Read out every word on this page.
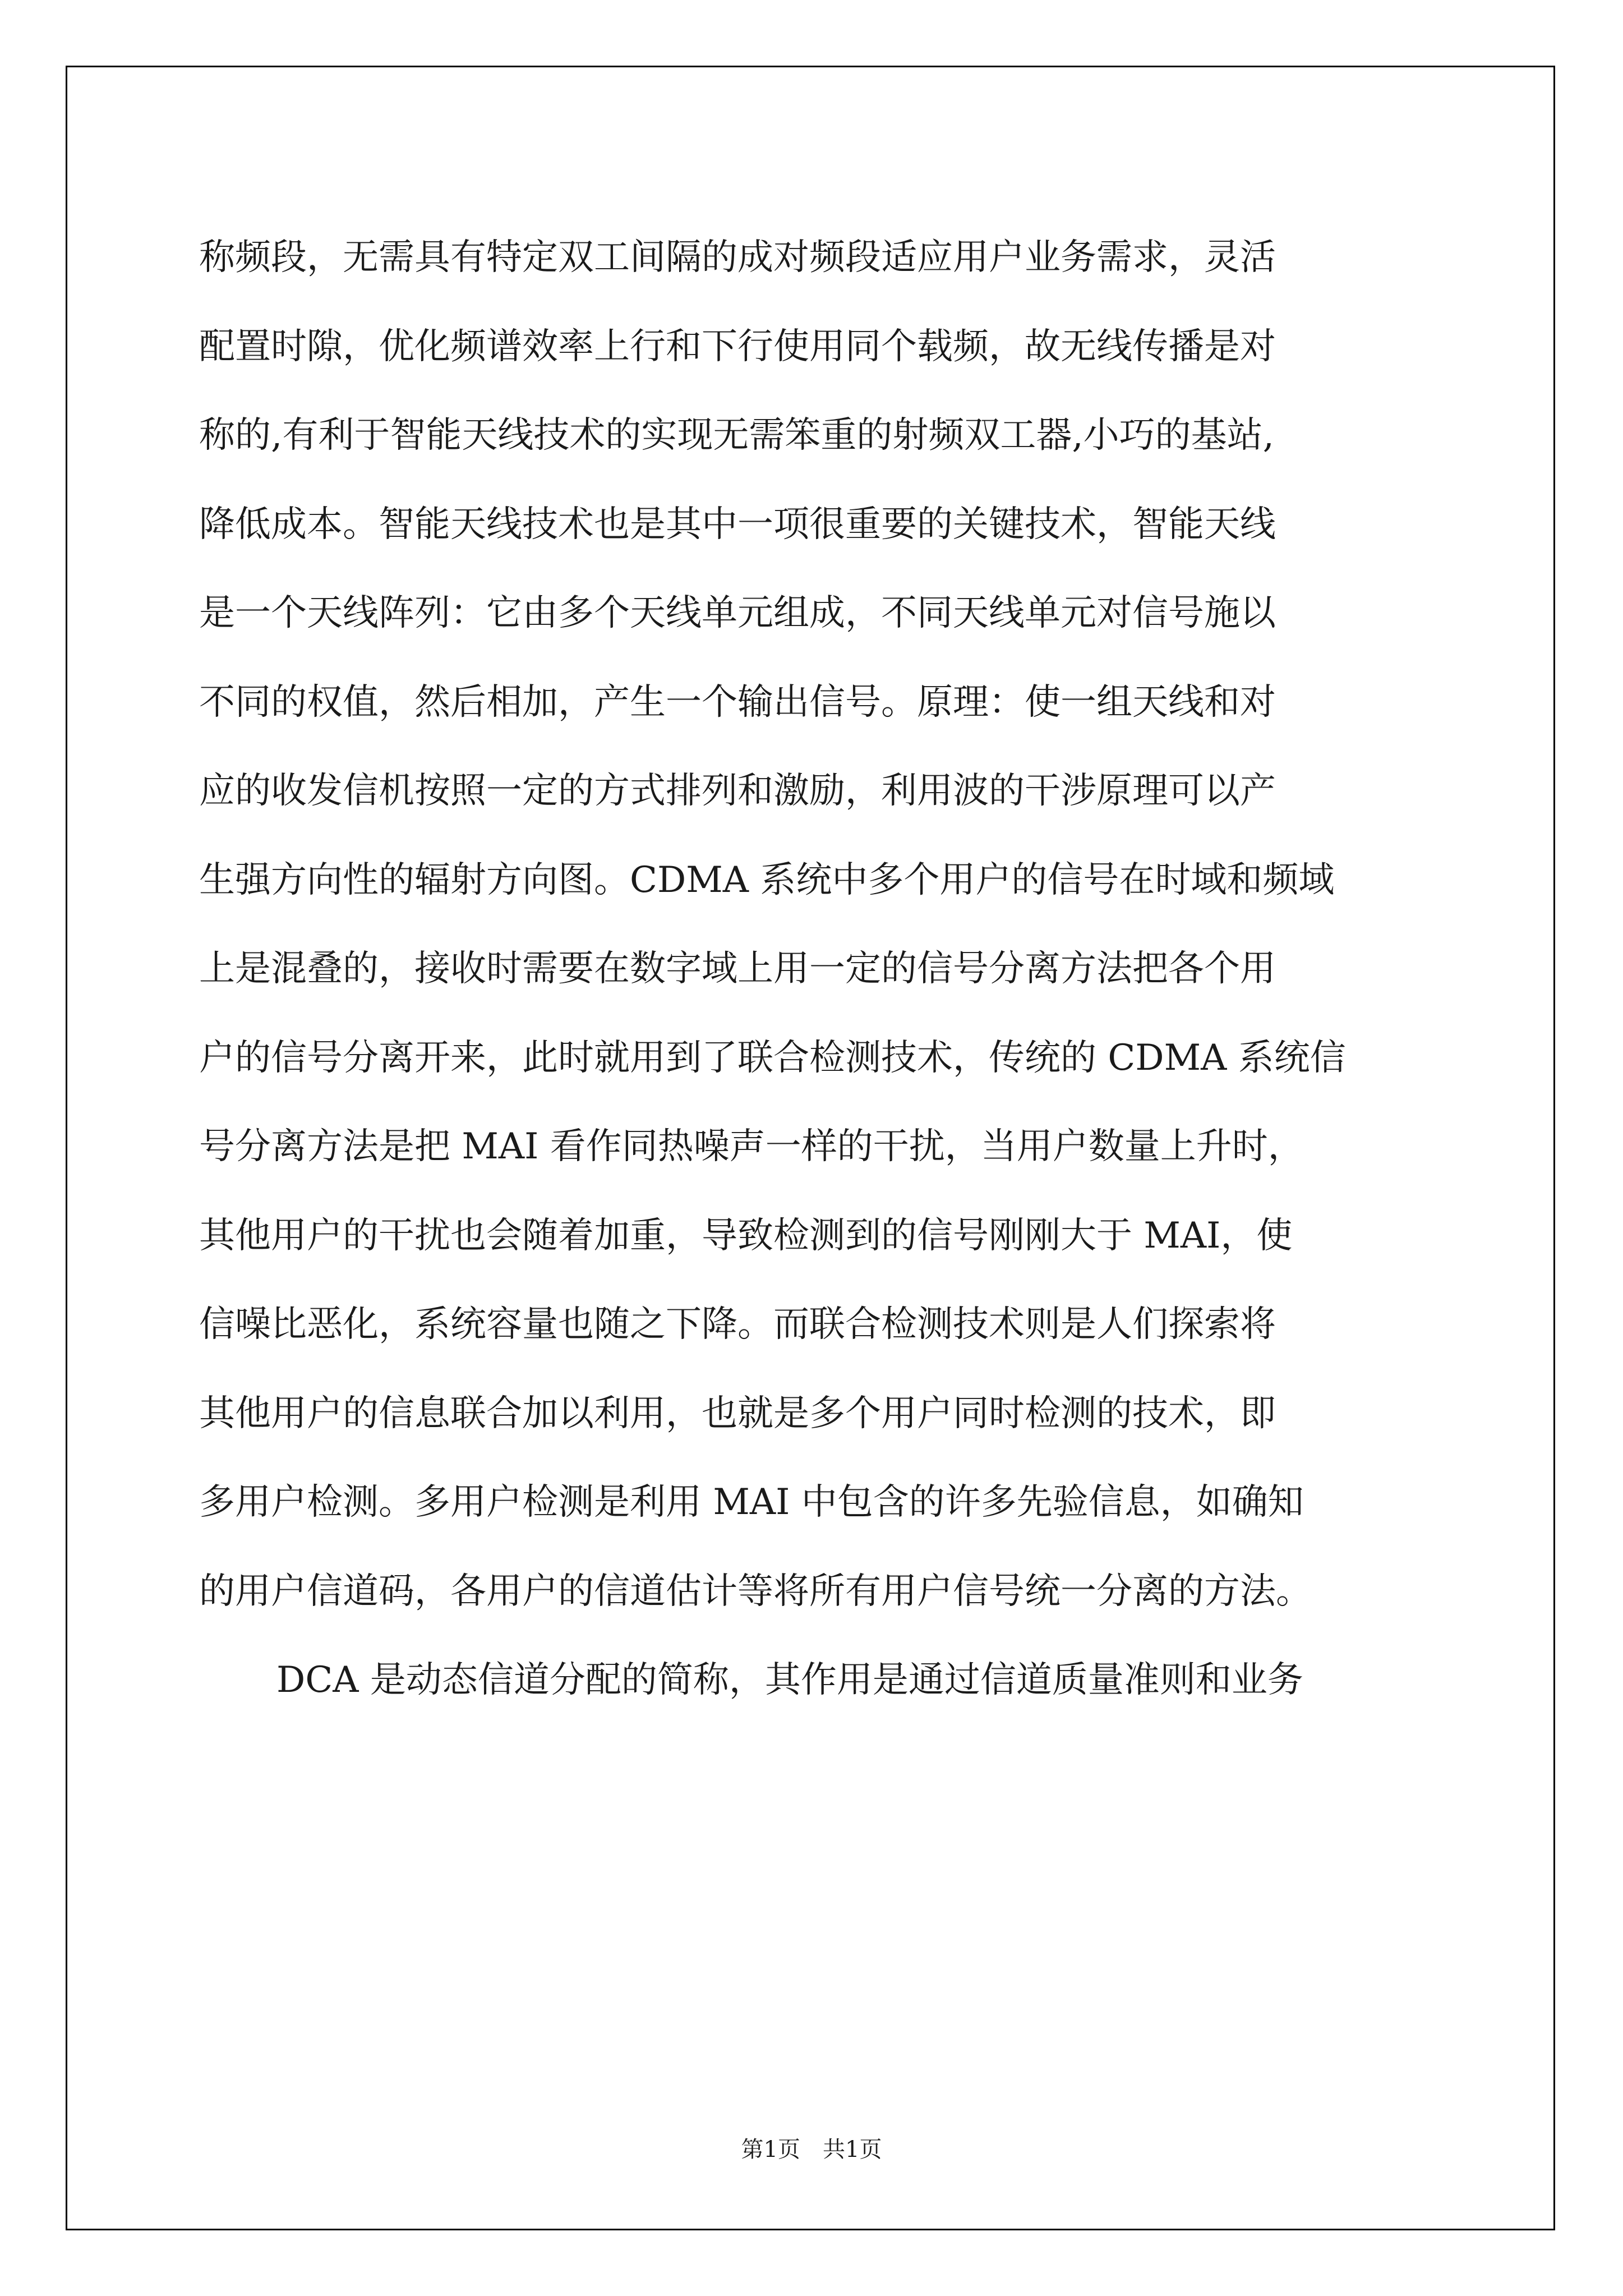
称频段，无需具有特定双工间隔的成对频段适应用户业务需求，灵活
配置时隙，优化频谱效率上行和下行使用同个载频，故无线传播是对
称的,有利于智能天线技术的实现无需笨重的射频双工器,小巧的基站,
降低成本。智能天线技术也是其中一项很重要的关键技术，智能天线
是一个天线阵列：它由多个天线单元组成，不同天线单元对信号施以
不同的权值，然后相加，产生一个输出信号。原理：使一组天线和对
应的收发信机按照一定的方式排列和激励，利用波的干涉原理可以产
生强方向性的辐射方向图。CDMA 系统中多个用户的信号在时域和频域
上是混叠的，接收时需要在数字域上用一定的信号分离方法把各个用
户的信号分离开来，此时就用到了联合检测技术，传统的 CDMA 系统信
号分离方法是把 MAI 看作同热噪声一样的干扰，当用户数量上升时，
其他用户的干扰也会随着加重，导致检测到的信号刚刚大于 MAI，使
信噪比恶化，系统容量也随之下降。而联合检测技术则是人们探索将
其他用户的信息联合加以利用，也就是多个用户同时检测的技术，即
多用户检测。多用户检测是利用 MAI 中包含的许多先验信息，如确知
的用户信道码，各用户的信道估计等将所有用户信号统一分离的方法。
DCA 是动态信道分配的简称，其作用是通过信道质量准则和业务
第1页 共1页
